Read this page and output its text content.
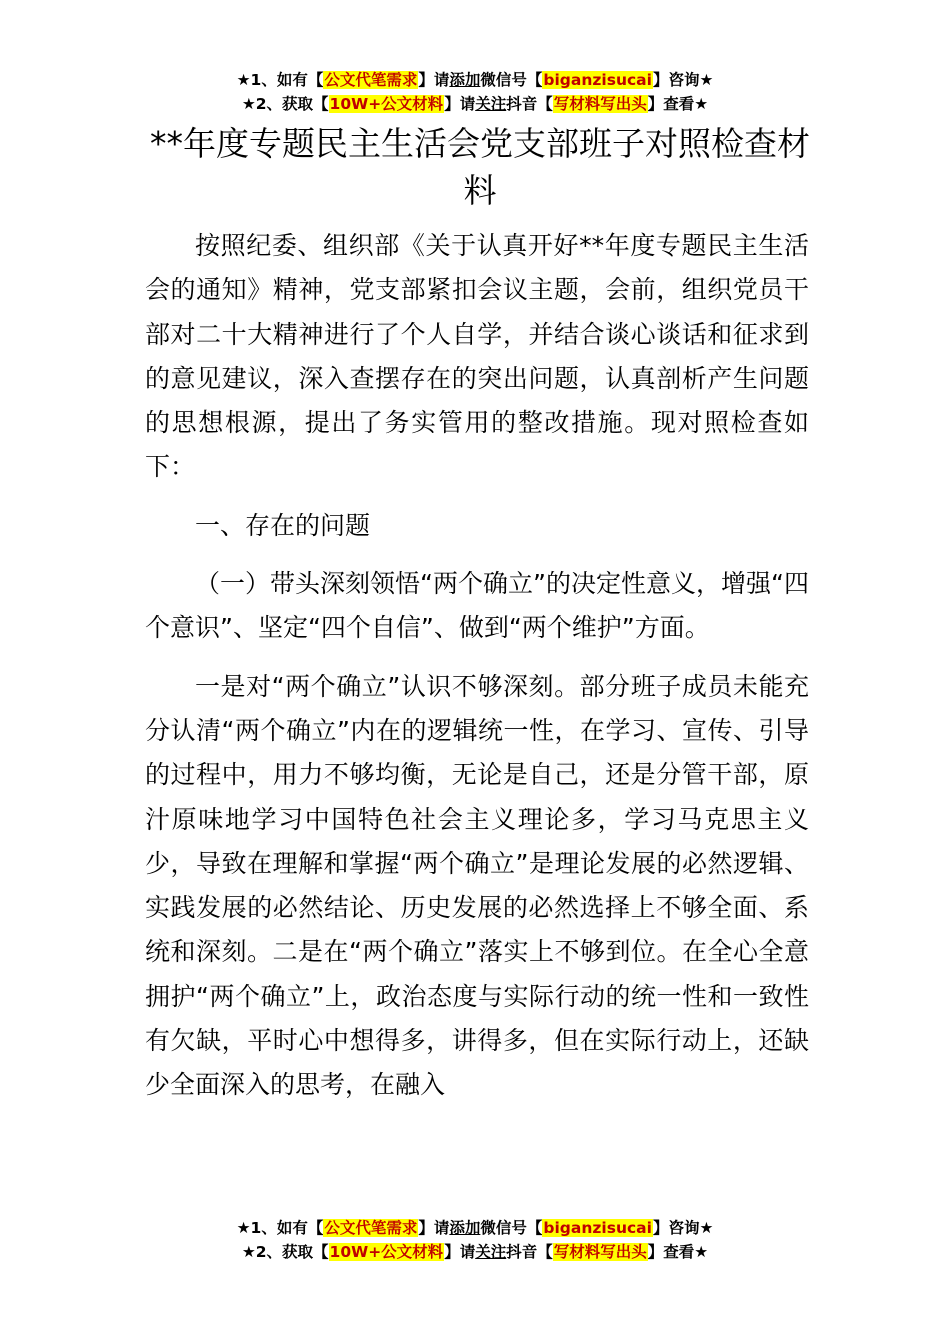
★1、如有【公文代笔需求】请添加微信号【biganzisucai】咨询★
★2、获取【10W+公文材料】请关注抖音【写材料写出头】查看★
**年度专题民主生活会党支部班子对照检查材料

按照纪委、组织部《关于认真开好**年度专题民主生活会的通知》精神，党支部紧扣会议主题，会前，组织党员干部对二十大精神进行了个人自学，并结合谈心谈话和征求到的意见建议，深入查摆存在的突出问题，认真剖析产生问题的思想根源，提出了务实管用的整改措施。现对照检查如下：

一、存在的问题

（一）带头深刻领悟“两个确立”的决定性意义，增强“四个意识”、坚定“四个自信”、做到“两个维护”方面。

一是对“两个确立”认识不够深刻。部分班子成员未能充分认清“两个确立”内在的逻辑统一性，在学习、宣传、引导的过程中，用力不够均衡，无论是自己，还是分管干部，原汁原味地学习中国特色社会主义理论多，学习马克思主义少，导致在理解和掌握“两个确立”是理论发展的必然逻辑、实践发展的必然结论、历史发展的必然选择上不够全面、系统和深刻。二是在“两个确立”落实上不够到位。在全心全意拥护“两个确立”上，政治态度与实际行动的统一性和一致性有欠缺，平时心中想得多，讲得多，但在实际行动上，还缺少全面深入的思考，在融入

★1、如有【公文代笔需求】请添加微信号【biganzisucai】咨询★
★2、获取【10W+公文材料】请关注抖音【写材料写出头】查看★
